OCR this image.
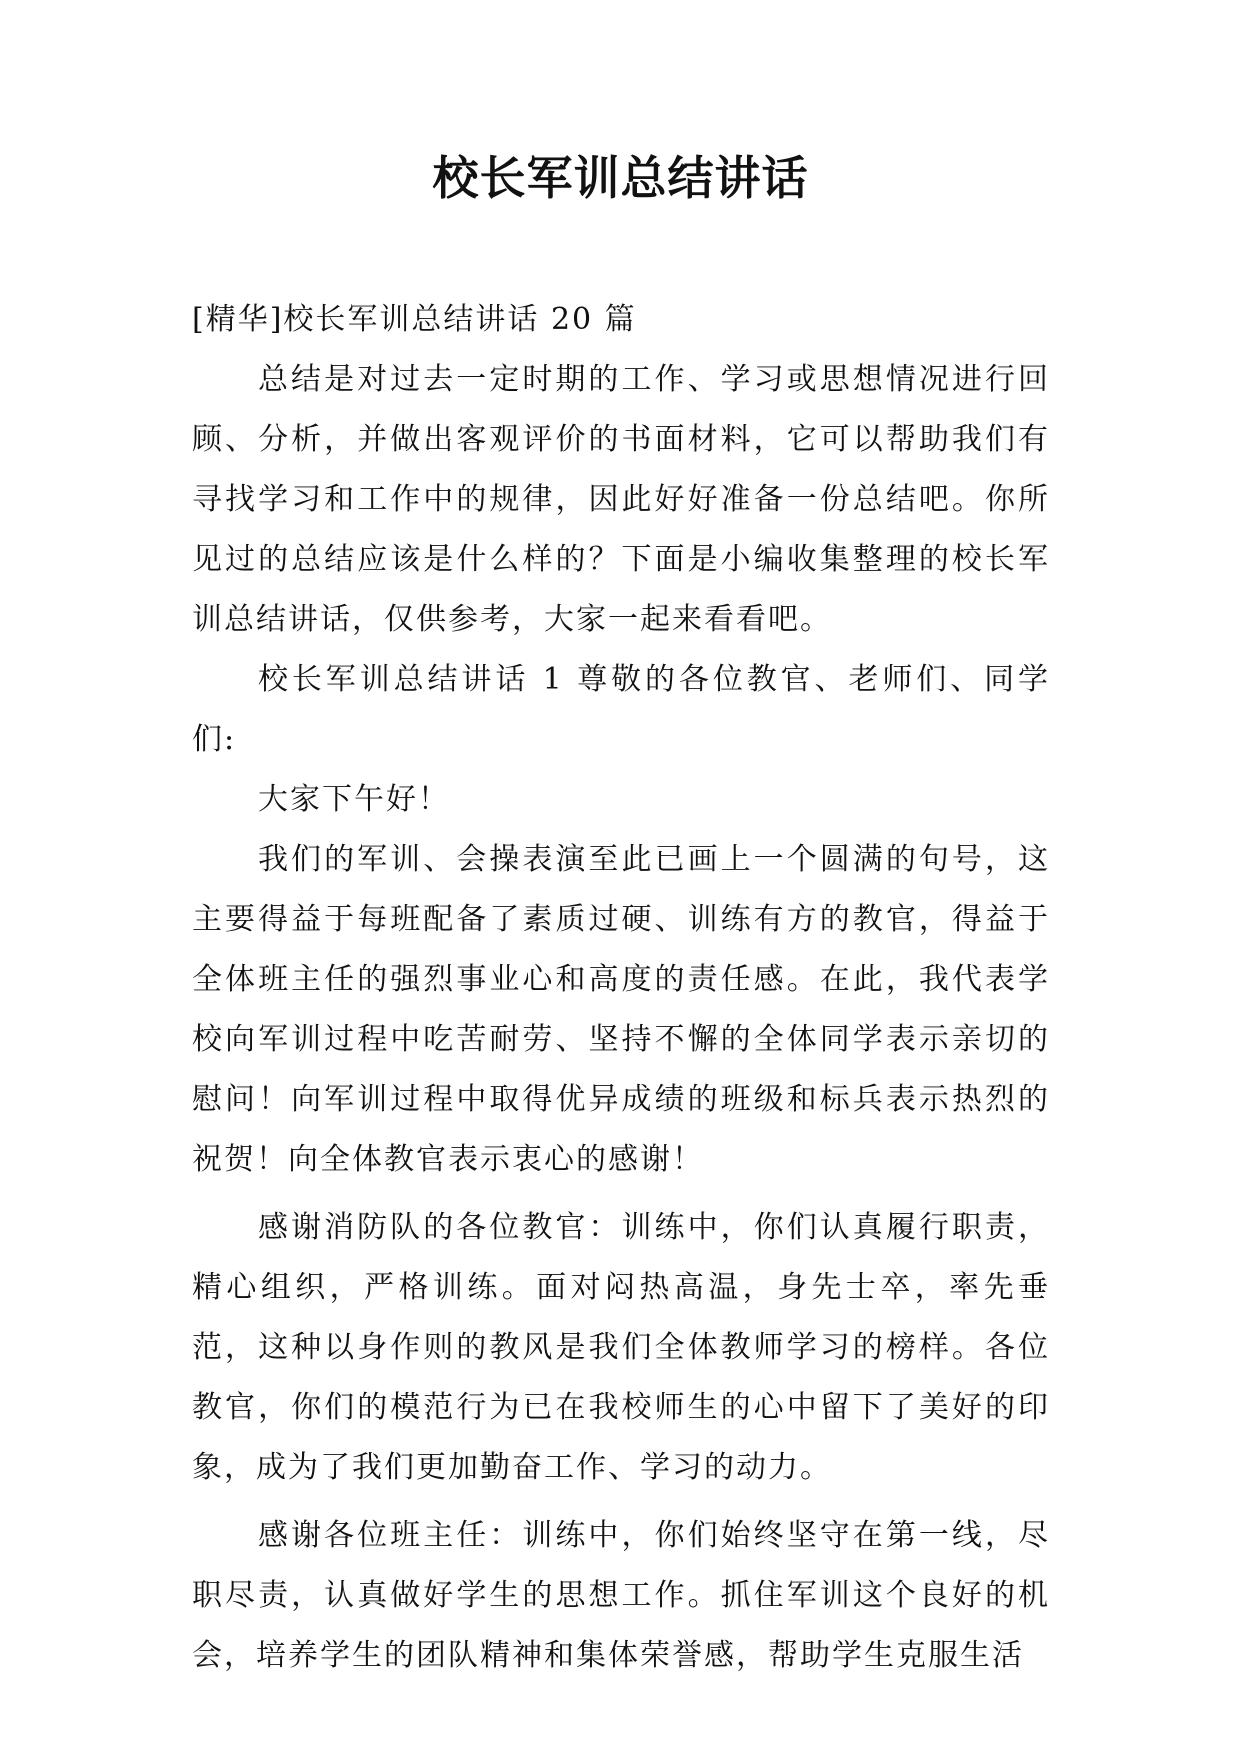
校长军训总结讲话

[精华]校长军训总结讲话 20 篇

总结是对过去一定时期的工作、学习或思想情况进行回顾、分析，并做出客观评价的书面材料，它可以帮助我们有寻找学习和工作中的规律，因此好好准备一份总结吧。你所见过的总结应该是什么样的？下面是小编收集整理的校长军训总结讲话，仅供参考，大家一起来看看吧。

校长军训总结讲话 1 尊敬的各位教官、老师们、同学们:

大家下午好！

我们的军训、会操表演至此已画上一个圆满的句号，这主要得益于每班配备了素质过硬、训练有方的教官，得益于全体班主任的强烈事业心和高度的责任感。在此，我代表学校向军训过程中吃苦耐劳、坚持不懈的全体同学表示亲切的慰问！向军训过程中取得优异成绩的班级和标兵表示热烈的祝贺！向全体教官表示衷心的感谢！

感谢消防队的各位教官：训练中，你们认真履行职责，精心组织，严格训练。面对闷热高温，身先士卒，率先垂范，这种以身作则的教风是我们全体教师学习的榜样。各位教官，你们的模范行为已在我校师生的心中留下了美好的印象，成为了我们更加勤奋工作、学习的动力。

感谢各位班主任：训练中，你们始终坚守在第一线，尽职尽责，认真做好学生的思想工作。抓住军训这个良好的机会，培养学生的团队精神和集体荣誉感，帮助学生克服生活
